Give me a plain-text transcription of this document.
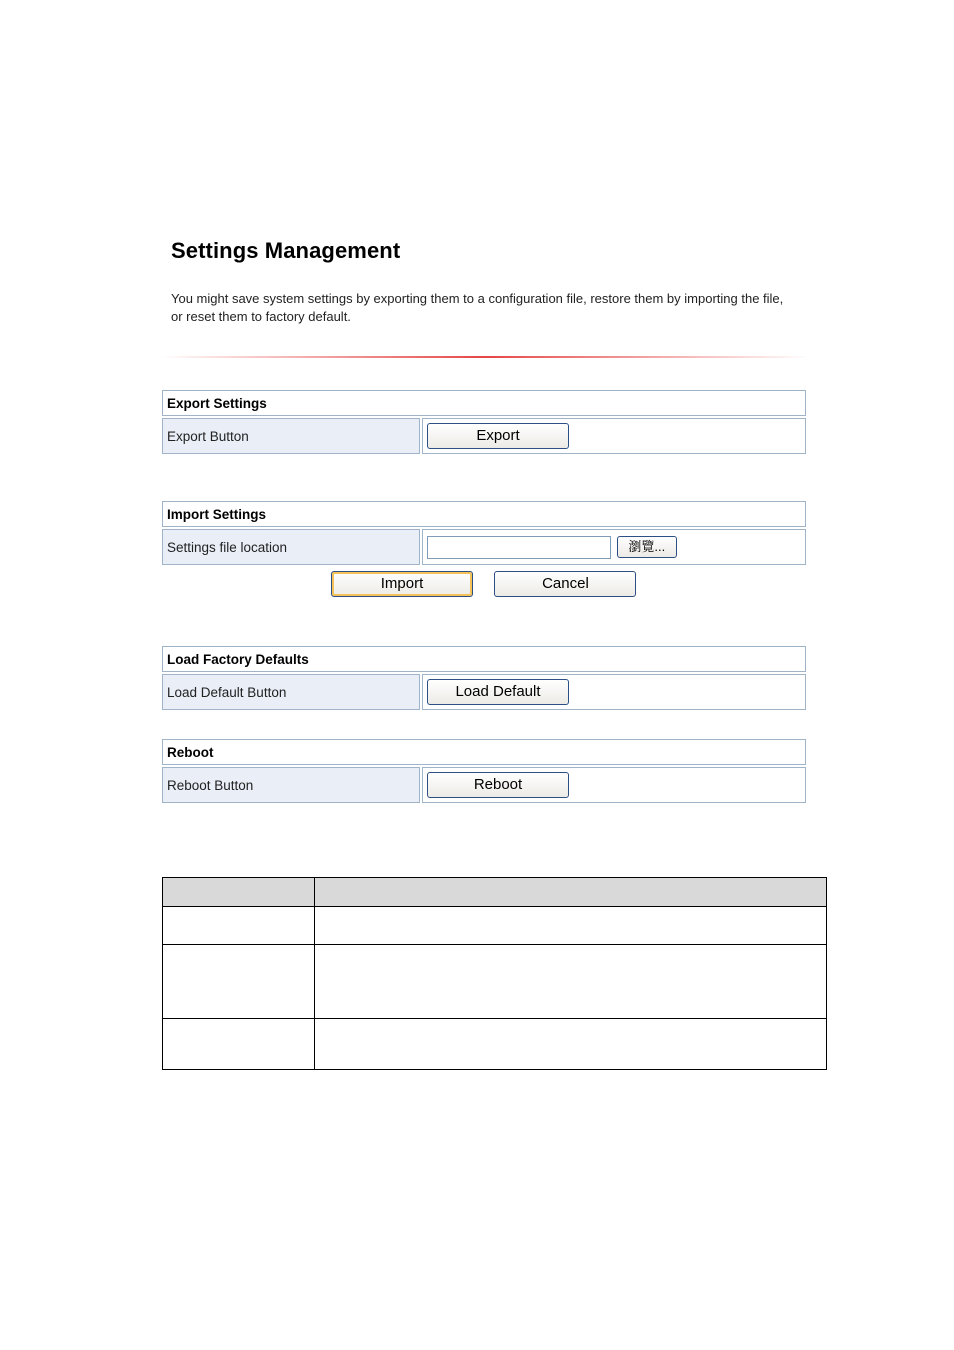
Settings Management
You might save system settings by exporting them to a configuration file, restore them by importing the file, or reset them to factory default.
Export Settings
Export Button	Export
Import Settings
Settings file location	瀏覽...
Import	Cancel
Load Factory Defaults
Load Default Button	Load Default
Reboot
Reboot Button	Reboot
